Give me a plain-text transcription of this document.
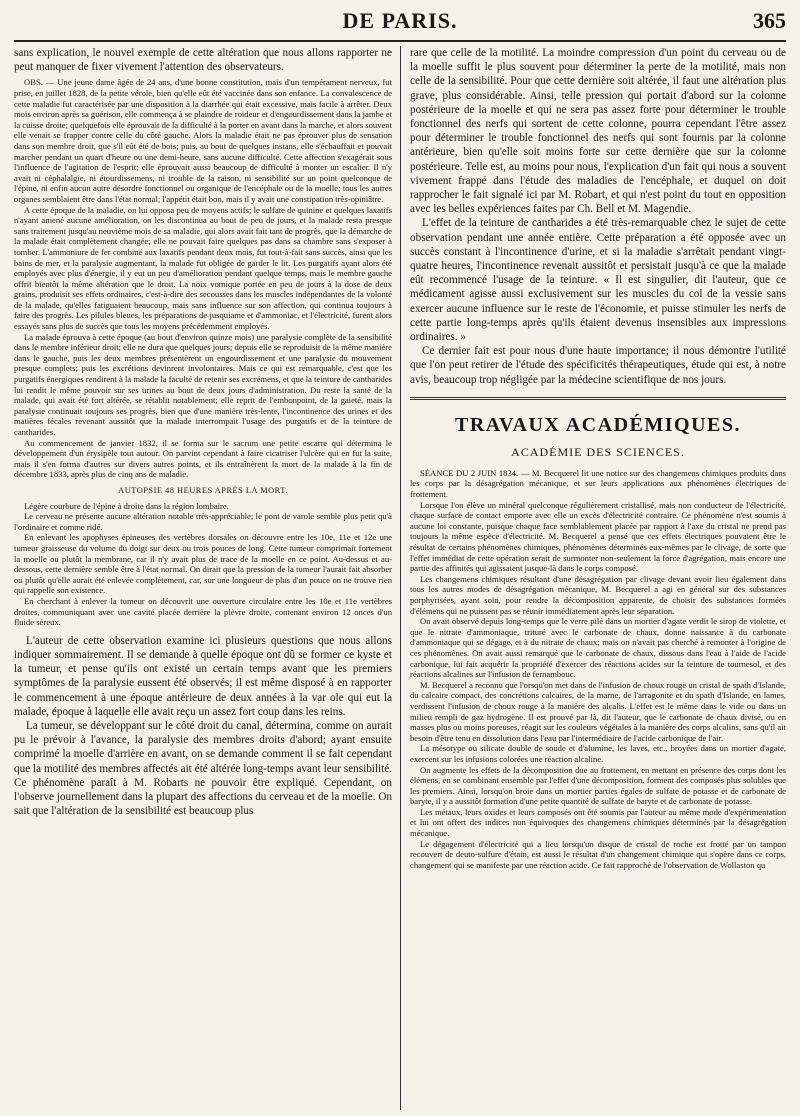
DE PARIS.	365

sans explication, le nouvel exemple de cette altération que nous allons rapporter ne peut manquer de fixer vivement l'attention des observateurs.

OBS. — Une jeune dame âgée de 24 ans, d'une bonne constitution, mais d'un tempérament nerveux, fut prise, en juillet 1828, de la petite vérole, bien qu'elle eût été vaccinée dans son enfance. La convalescence de cette maladie fut caractérisée par une disposition à la diarrhée qui était excessive, mais facile à arrêter. Deux mois environ après sa guérison, elle commença à se plaindre de roideur et d'engourdissement dans la jambe et la cuisse droite; quelquefois elle éprouvait de la difficulté à la porter en avant dans la marche, et alors souvent elle venait se frapper contre celle du côté gauche. Alors la maladie était ne pas éprouver plus de sensation dans son membre droit, que s'il eût été de bois; puis, au bout de quelques instans, elle s'échauffait et pouvait marcher pendant un quart d'heure ou une demi-heure, sans aucune difficulté. Cette affection s'exagérait sous l'influence de l'agitation de l'esprit; elle éprouvait aussi beaucoup de difficulté à monter un escalier. Il n'y avait ni céphalalgie, ni étourdissemens, ni trouble de la raison, ni sensibilité sur un point quelconque de l'épine, ni enfin aucun autre désordre fonctionnel ou organique de l'encéphale ou de la moelle; tous les autres organes semblaient être dans l'état normal; l'appétit était bon, mais il y avait une constipation très-opiniâtre.

A cette époque de la maladie, on lui opposa peu de moyens actifs; le sulfate de quinine et quelques laxatifs n'ayant amené aucune amélioration, on les discontinua au bout de peu de jours, et la malade resta presque sans traitement jusqu'au neuvième mois de sa maladie, qui alors avait fait tant de progrès, que la démarche de la malade était complètement changée; elle ne pouvait faire quelques pas dans sa chambre sans s'exposer à tomber. L'ammoniure de fer combiné aux laxatifs pendant deux mois, fut tout-à-fait sans succès, ainsi que les bains de mer, et la paralysie augmentant, la malade fut obligée de garder le lit. Les purgatifs ayant alors été employés avec plus d'énergie, il y eut un peu d'amélioration pendant quelque temps, mais le membre gauche offrit bientôt la même altération que le droit. La noix vomique portée en peu de jours à la dose de deux grains, produisit ses effets ordinaires, c'est-à-dire des secousses dans les muscles indépendantes de la volonté de la malade, qu'elles fatiguaient beaucoup, mais sans influence sur son affection, qui continua toujours à faire des progrès. Les pilules bleues, les préparations de jusquiame et d'ammoniac, et l'électricité, furent alors essayés sans plus de succès que tous les moyens précédemment employés.

La malade éprouva à cette époque (au bout d'environ quinze mois) une paralysie complète de la sensibilité dans le membre inférieur droit; elle ne dura que quelques jours; depuis elle se reproduisit de la même manière dans le gauche, puis les deux membres présentèrent un engourdissement et une paralysie du mouvement presque complets; puis les excrétions devinrent involontaires. Mais ce qui est remarquable, c'est que les purgatifs énergiques rendirent à la malade la faculté de retenir ses excrémens, et que la teinture de cantharides lui rendit le même pouvoir sur ses urines au bout de deux jours d'administration. Du reste la santé de la malade, qui avait été fort altérée, se rétablit notablement; elle reprit de l'embonpoint, de la gaieté, mais la paralysie continuait toujours ses progrès, bien que d'une manière très-lente, l'incontinence des urines et des matières fécales revenant aussitôt que la malade interrompait l'usage des purgatifs et de la teinture de cantharides.

Au commencement de janvier 1832, il se forma sur le sacrum une petite escarre qui détermina le développement d'un érysipèle tout autour. On parvint cependant à faire cicatriser l'ulcère qui en fut la suite, mais il s'en forma d'autres sur divers autres points, et ils entraînèrent la mort de la malade à la fin de décembre 1833, après plus de cinq ans de maladie.

AUTOPSIE 48 HEURES APRÈS LA MORT.

Légère courbure de l'épine à droite dans la région lombaire.

Le cerveau ne présente aucune altération notable très-appréciable; le pont de varole semble plus petit qu'à l'ordinaire et comme ridé.

En enlevant les apophyses épineuses des vertèbres dorsales on découvre entre les 10e, 11e et 12e une tumeur graisseuse du volume du doigt sur deux ou trois pouces de long. Cette tumeur comprimait fortement la moelle ou plutôt la membrane, car il n'y avait plus de trace de la moelle en ce point. Au-dessus et au-dessous, cette dernière semble être à l'état normal. On dirait que la pression de la tumeur l'aurait fait absorber ou plutôt qu'elle aurait été enlevée complètement, car, sur une longueur de plus d'un pouce on ne trouve rien qui rappelle son existence.

En cherchant à enlever la tumeur on découvrit une ouverture circulaire entre les 10e et 11e vertèbres droites, communiquant avec une cavité placée derrière la plèvre droite, contenant environ 12 onces d'un fluide séreux.

L'auteur de cette observation examine ici plusieurs questions que nous allons indiquer sommairement. Il se demande à quelle époque ont dû se former ce kyste et la tumeur, et pense qu'ils ont existé un certain temps avant que les premiers symptômes de la paralysie eussent été observés; il est même disposé à en rapporter le commencement à une époque antérieure de deux années à la var ole qui eut la malade, époque à laquelle elle avait reçu un assez fort coup dans les reins.

La tumeur, se développant sur le côté droit du canal, détermina, comme on aurait pu le prévoir à l'avance, la paralysie des membres droits d'abord; ayant ensuite comprimé la moelle d'arrière en avant, on se demande comment il se fait cependant que la motilité des membres affectés ait été altérée long-temps avant leur sensibilité. Ce phénomène paraît à M. Robarts ne pouvoir être expliqué. Cependant, on l'observe journellement dans la plupart des affections du cerveau et de la moelle. On sait que l'altération de la sensibilité est beaucoup plus

rare que celle de la motilité. La moindre compression d'un point du cerveau ou de la moelle suffit le plus souvent pour déterminer la perte de la motilité, mais non celle de la sensibilité. Pour que cette dernière soit altérée, il faut une altération plus grave, plus considérable. Ainsi, telle pression qui portait d'abord sur la colonne postérieure de la moelle et qui ne sera pas assez forte pour déterminer le trouble fonctionnel des nerfs qui sortent de cette colonne, pourra cependant l'être assez pour déterminer le trouble fonctionnel des nerfs qui sont fournis par la colonne antérieure, bien qu'elle soit moins forte sur cette dernière que sur la colonne postérieure. Telle est, au moins pour nous, l'explication d'un fait qui nous a souvent vivement frappé dans l'étude des maladies de l'encéphale, et duquel on doit rapprocher le fait signalé ici par M. Robart, et qui n'est point du tout en opposition avec les belles expériences faites par Ch. Bell et M. Magendie.

L'effet de la teinture de cantharides a été très-remarquable chez le sujet de cette observation pendant une année entière. Cette préparation a été opposée avec un succès constant à l'incontinence d'urine, et si la maladie s'arrêtait pendant vingt-quatre heures, l'incontinence revenait aussitôt et persistait jusqu'à ce que la malade eût recommencé l'usage de la teinture. « Il est singulier, dit l'auteur, que ce médicament agisse aussi exclusivement sur les muscles du col de la vessie sans exercer aucune influence sur le reste de l'économie, et puisse stimuler les nerfs de cette partie long-temps après qu'ils étaient devenus insensibles aux impressions ordinaires. »

Ce dernier fait est pour nous d'une haute importance; il nous démontre l'utilité que l'on peut retirer de l'étude des spécificités thérapeutiques, étude qui est, à notre avis, beaucoup trop négligée par la médecine scientifique de nos jours.

TRAVAUX ACADÉMIQUES.
ACADÉMIE DES SCIENCES.

SÉANCE DU 2 JUIN 1834. — M. Becquerel lit une notice sur des changemens chimiques produits dans les corps par la désagrégation mécanique, et sur leurs applications aux phénomènes électriques de frottement.

Lorsque l'on élève un minéral quelconque régulièrement cristallisé, mais non conducteur de l'électricité, chaque surface de contact emporte avec elle un excès d'électricité contraire. Ce phénomène n'est soumis à aucune loi constante, puisque chaque face semblablement placée par rapport à l'axe du cristal ne prend pas toujours la même espèce d'électricité. M. Becquerel a pensé que ces effets électriques pouvaient être le résultat de certains phénomènes chimiques, phénomènes déterminés eux-mêmes par le clivage, de sorte que l'effet immédiat de cette opération serait de surmonter non-seulement la force d'agrégation, mais encore une partie des affinités qui agissaient jusque-là dans le corps composé.

Les changemens chimiques résultant d'une désagrégation par clivage devant avoir lieu également dans tous les autres modes de désagrégation mécanique, M. Becquerel a agi en général sur des substances porphyrisées, ayant soin, pour rendre la décomposition apparente, de choisir des substances formées d'élémens qui ne puissent pas se réunir immédiatement après leur séparation.

On avait observé depuis long-temps que le verre pilé dans un mortier d'agate verdit le sirop de violette, et que le nitrate d'ammoniaque, trituré avec le carbonate de chaux, donne naissance à du carbonate d'ammoniaque qui se dégage, et à du nitrate de chaux; mais on n'avait pas cherché à remonter à l'origine de ces phénomènes. On avait aussi remarqué que le carbonate de chaux, dissous dans l'eau à l'aide de l'acide carbonique, lui fait acquérir la propriété d'exercer des réactions acides sur la teinture de tournesol, et des réactions alcalines sur l'infusion de fernambouc.

M. Becquerel a reconnu que l'orsqu'on met dans de l'infusion de choux rouge un cristal de spath d'Islande, du calcaire compact, des concrétions calcaires, de la marne, de l'arragonite et du spath d'Islande, en lames, verdissent l'infusion de choux rouge à la manière des alcalis. L'effet est le même dans le vide ou dans un milieu rempli de gaz hydrogène. Il est prouvé par là, dit l'auteur, que le carbonate de chaux divisé, ou en masses plus ou moins poreuses, réagit sur les couleurs végétales à la manière des corps alcalins, sans qu'il ait besoin d'être tenu en dissolution dans l'eau par l'intermédiaire de l'acide carbonique de l'air.

La mésotype ou silicate double de soude et d'alumine, les laves, etc., broyées dans un mortier d'agate, exercent sur les infusions colorées une réaction alcaline.

On augmente les effets de la décomposition due au frottement, en mettant en présence des corps dont les élémens, en se combinant ensemble par l'effet d'une décomposition, forment des composés plus solubles que les premiers. Ainsi, lorsqu'on broie dans un mortier parties égales de sulfate de potasse et de carbonate de baryte, il y a aussitôt formation d'une petite quantité de sulfate de baryte et de carbonate de potasse.

Les métaux, leurs oxides et leurs composés ont été soumis par l'auteur au même mode d'expérimentation et lui ont offert des indices non équivoques des changemens chimiques déterminés par la désagrégation mécanique.

Le dégagement d'électricité qui a lieu lorsqu'un disque de cristal de roche est frotté par un tampon recouvert de deuto-sulfure d'étain, est aussi le résultat d'un changement chimique qui s'opère dans ce corps, changement qui se manifeste par une réaction acide. Ce fait rapproché de l'observation de Wollaston qu
